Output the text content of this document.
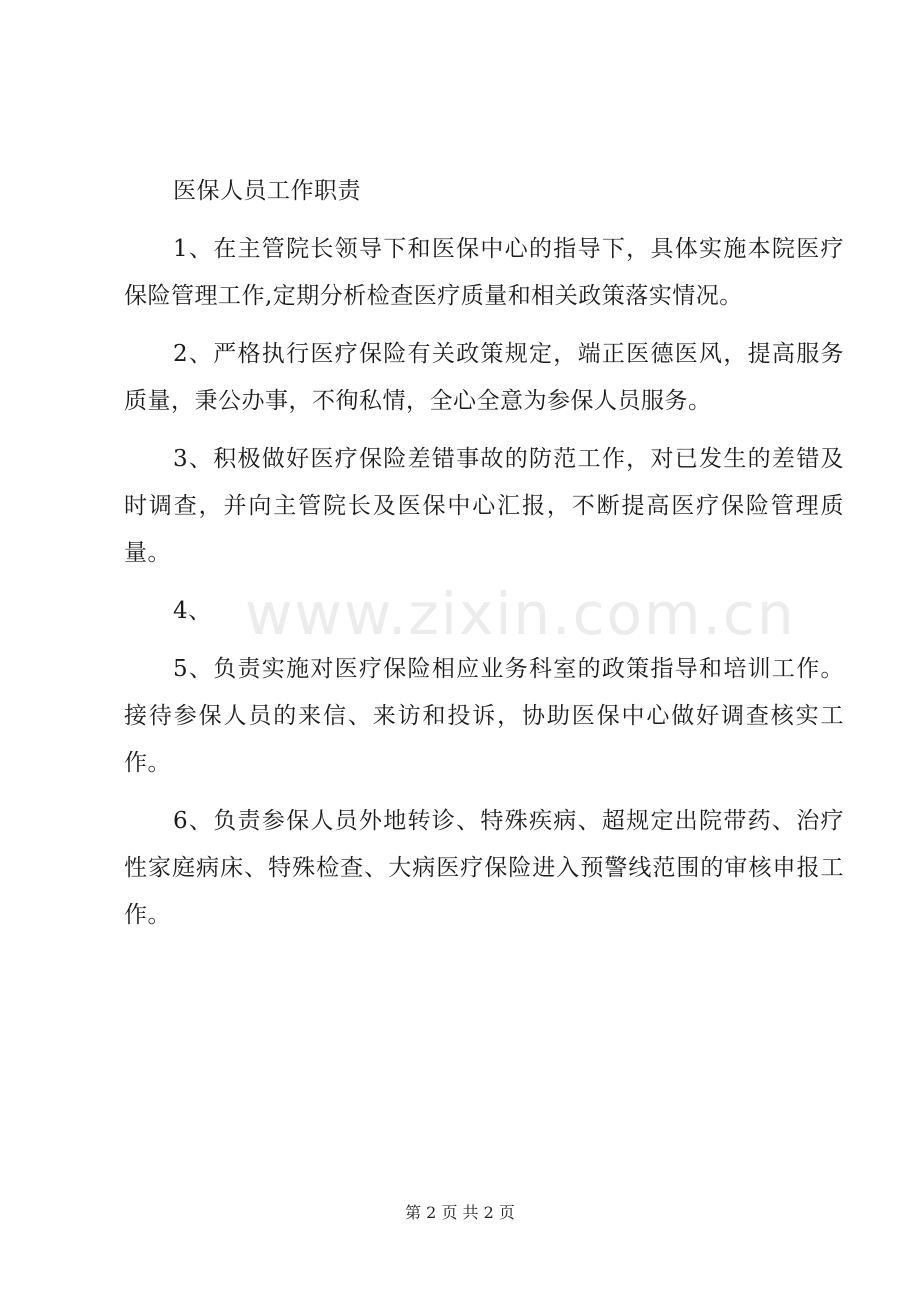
医保人员工作职责

1、在主管院长领导下和医保中心的指导下，具体实施本院医疗保险管理工作,定期分析检查医疗质量和相关政策落实情况。

2、严格执行医疗保险有关政策规定，端正医德医风，提高服务质量，秉公办事，不徇私情，全心全意为参保人员服务。

3、积极做好医疗保险差错事故的防范工作，对已发生的差错及时调查，并向主管院长及医保中心汇报，不断提高医疗保险管理质量。

4、

5、负责实施对医疗保险相应业务科室的政策指导和培训工作。接待参保人员的来信、来访和投诉，协助医保中心做好调查核实工作。

6、负责参保人员外地转诊、特殊疾病、超规定出院带药、治疗性家庭病床、特殊检查、大病医疗保险进入预警线范围的审核申报工作。

www.zixin.com.cn
第 2 页 共 2 页
